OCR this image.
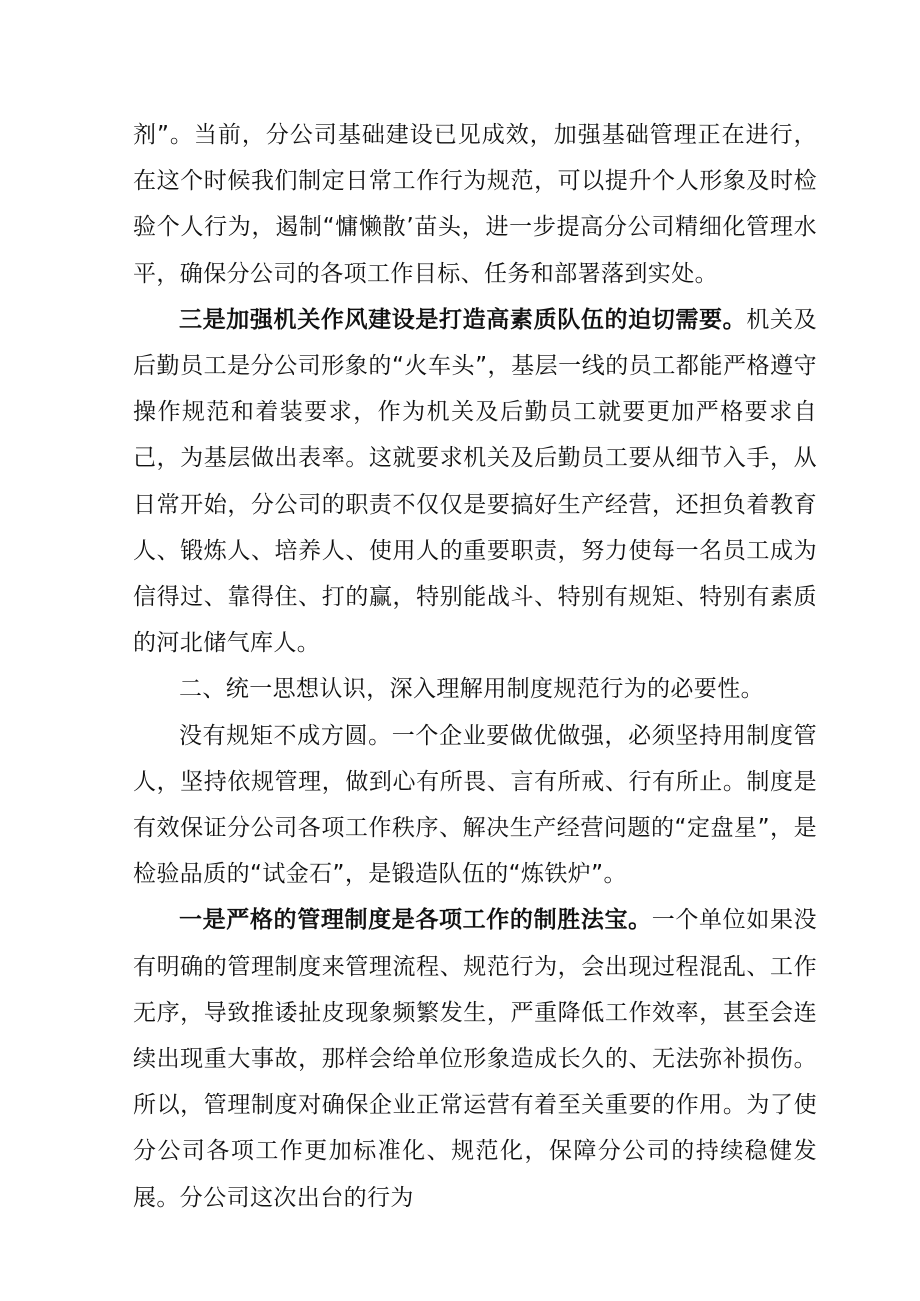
剂”。当前，分公司基础建设已见成效，加强基础管理正在进行，在这个时候我们制定日常工作行为规范，可以提升个人形象及时检验个人行为，遏制“慵懒散’苗头，进一步提高分公司精细化管理水平，确保分公司的各项工作目标、任务和部署落到实处。

三是加强机关作风建设是打造高素质队伍的迫切需要。机关及后勤员工是分公司形象的“火车头”，基层一线的员工都能严格遵守操作规范和着装要求，作为机关及后勤员工就要更加严格要求自己，为基层做出表率。这就要求机关及后勤员工要从细节入手，从日常开始，分公司的职责不仅仅是要搞好生产经营，还担负着教育人、锻炼人、培养人、使用人的重要职责，努力使每一名员工成为信得过、靠得住、打的赢，特别能战斗、特别有规矩、特别有素质的河北储气库人。

二、统一思想认识，深入理解用制度规范行为的必要性。

没有规矩不成方圆。一个企业要做优做强，必须坚持用制度管人，坚持依规管理，做到心有所畏、言有所戒、行有所止。制度是有效保证分公司各项工作秩序、解决生产经营问题的“定盘星”，是检验品质的“试金石”，是锻造队伍的“炼铁炉”。

一是严格的管理制度是各项工作的制胜法宝。一个单位如果没有明确的管理制度来管理流程、规范行为，会出现过程混乱、工作无序，导致推诿扯皮现象频繁发生，严重降低工作效率，甚至会连续出现重大事故，那样会给单位形象造成长久的、无法弥补损伤。所以，管理制度对确保企业正常运营有着至关重要的作用。为了使分公司各项工作更加标准化、规范化，保障分公司的持续稳健发展。分公司这次出台的行为
